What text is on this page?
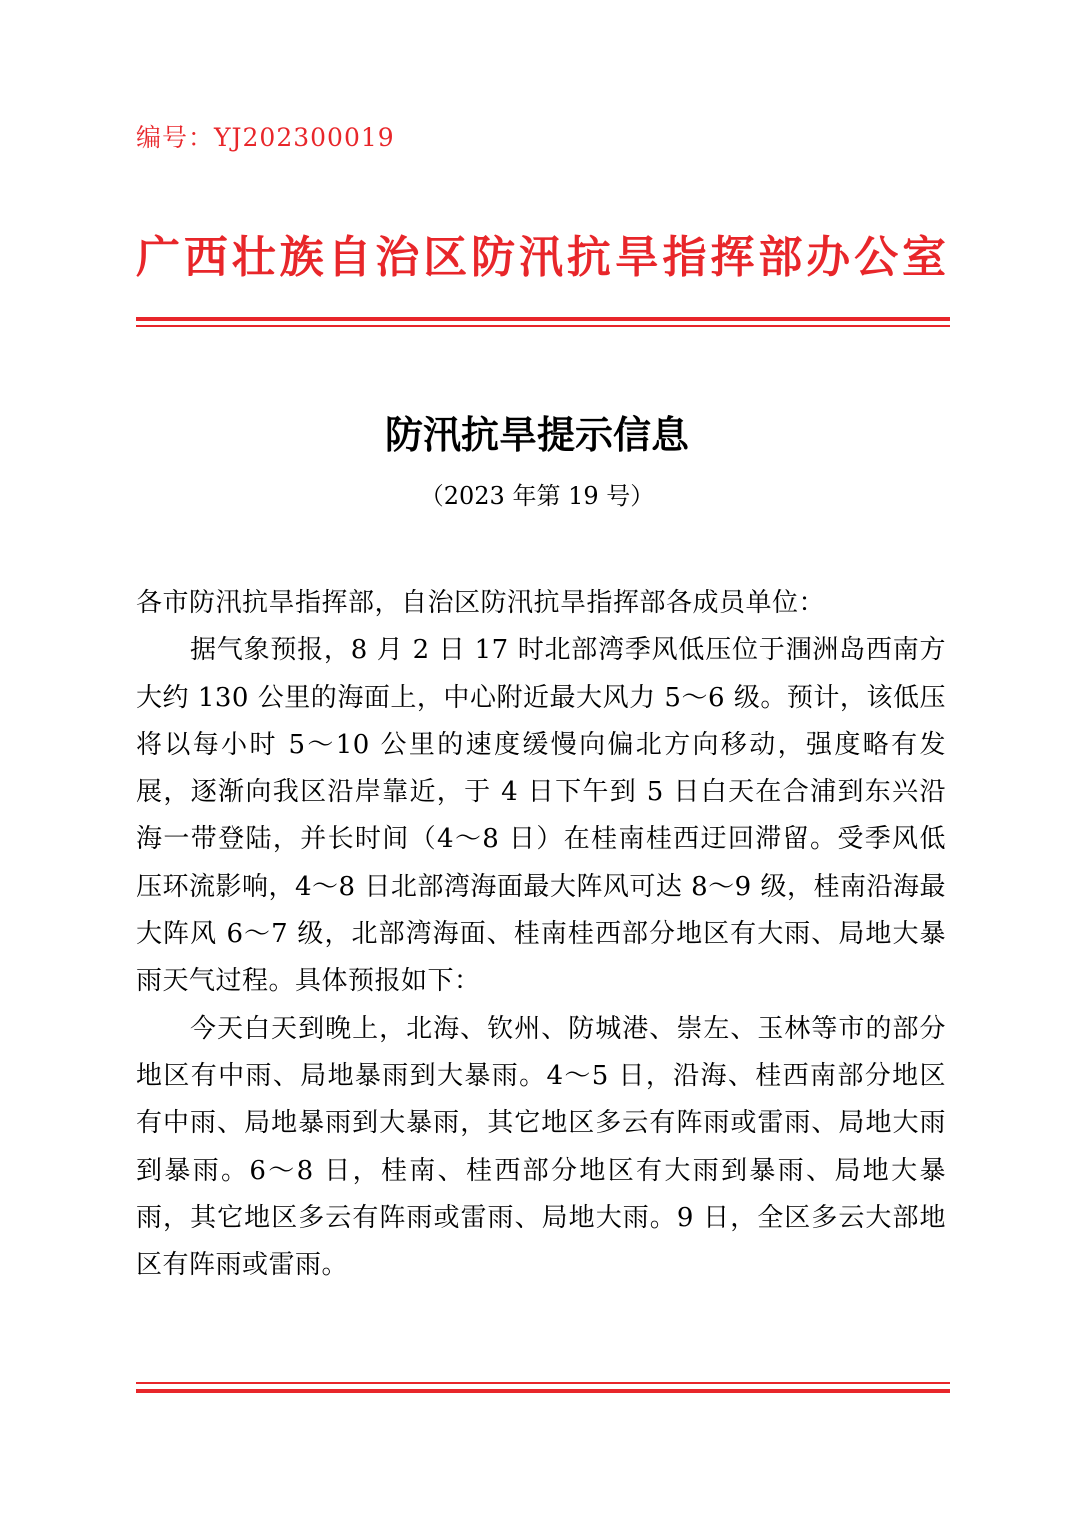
编号：YJ202300019
广西壮族自治区防汛抗旱指挥部办公室
防汛抗旱提示信息
（2023 年第 19 号）

各市防汛抗旱指挥部，自治区防汛抗旱指挥部各成员单位：

据气象预报，8 月 2 日 17 时北部湾季风低压位于涠洲岛西南方大约 130 公里的海面上，中心附近最大风力 5～6 级。预计，该低压将以每小时 5～10 公里的速度缓慢向偏北方向移动，强度略有发展，逐渐向我区沿岸靠近，于 4 日下午到 5 日白天在合浦到东兴沿海一带登陆，并长时间（4～8 日）在桂南桂西迂回滞留。受季风低压环流影响，4～8 日北部湾海面最大阵风可达 8～9 级，桂南沿海最大阵风 6～7 级，北部湾海面、桂南桂西部分地区有大雨、局地大暴雨天气过程。具体预报如下：

今天白天到晚上，北海、钦州、防城港、崇左、玉林等市的部分地区有中雨、局地暴雨到大暴雨。4～5 日，沿海、桂西南部分地区有中雨、局地暴雨到大暴雨，其它地区多云有阵雨或雷雨、局地大雨到暴雨。6～8 日，桂南、桂西部分地区有大雨到暴雨、局地大暴雨，其它地区多云有阵雨或雷雨、局地大雨。9 日，全区多云大部地区有阵雨或雷雨。
